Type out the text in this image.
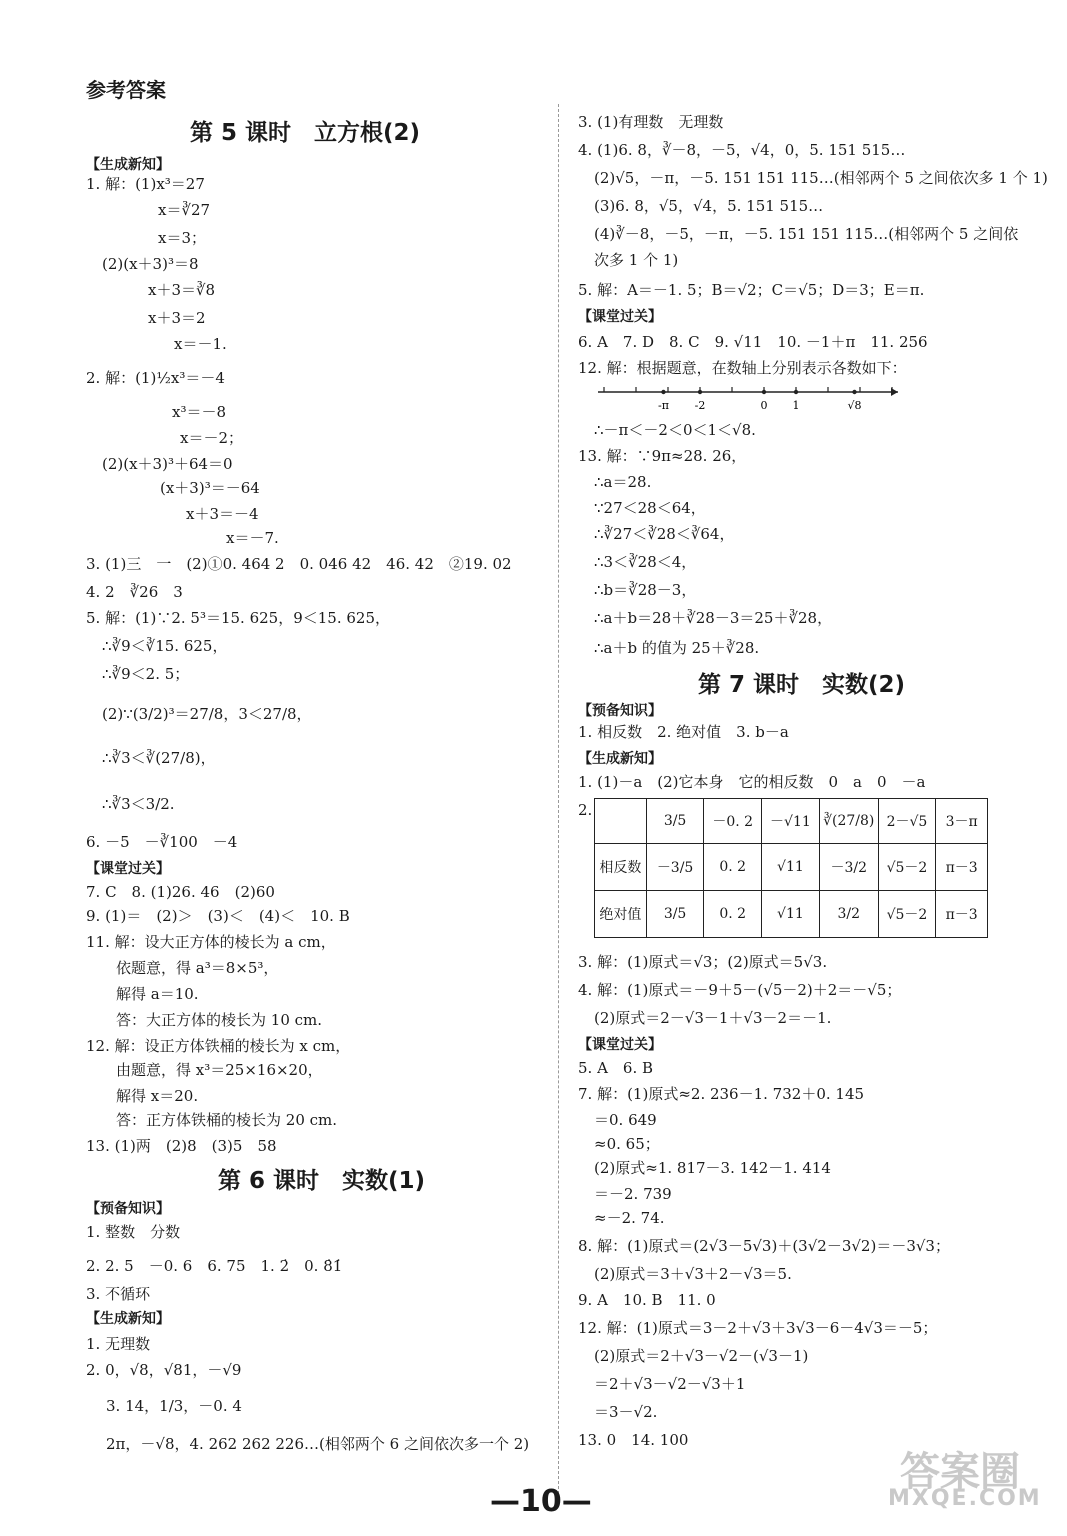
参考答案
第 5 课时　立方根(2)
【生成新知】
1. 解：(1)x³＝27
x＝∛27
x＝3；
(2)(x＋3)³＝8
x＋3＝∛8
x＋3＝2
x＝－1.
2. 解：(1)½x³＝－4
x³＝－8
x＝－2；
(2)(x＋3)³＋64＝0
(x＋3)³＝－64
x＋3＝－4
x＝－7.
3. (1)三　一　(2)①0. 464 2　0. 046 42　46. 42　②19. 02
4. 2　∛26　3
5. 解：(1)∵2. 5³＝15. 625，9＜15. 625，
∴∛9＜∛15. 625，
∴∛9＜2. 5；
(2)∵(3/2)³＝27/8，3＜27/8，
∴∛3＜∛(27/8)，
∴∛3＜3/2.
6. －5　－∛100　－4
【课堂过关】
7. C　8. (1)26. 46　(2)60
9. (1)＝　(2)＞　(3)＜　(4)＜　10. B
11. 解：设大正方体的棱长为 a cm，
依题意，得 a³＝8×5³，
解得 a＝10.
答：大正方体的棱长为 10 cm.
12. 解：设正方体铁桶的棱长为 x cm，
由题意，得 x³＝25×16×20，
解得 x＝20.
答：正方体铁桶的棱长为 20 cm.
13. (1)两　(2)8　(3)5　58
第 6 课时　实数(1)
【预备知识】
1. 整数　分数
2. 2. 5　－0. 6　6. 75　1. 2̇　0. 8̇1̇
3. 不循环
【生成新知】
1. 无理数
2. 0，√8，√81，－√9
3. 14，1/3，－0. 4
2π，－√8，4. 262 262 226…(相邻两个 6 之间依次多一个 2)
-π -2	0 1	√8
	3/5	－0. 2	－√11	∛(27/8)	2－√5	3－π
相反数	－3/5	0. 2	√11	－3/2	√5－2	π－3
绝对值	3/5	0. 2	√11	3/2	√5－2	π－3
3. (1)有理数　无理数
4. (1)6. 8，∛－8，－5，√4，0，5. 151 515…
(2)√5，－π，－5. 151 151 115…(相邻两个 5 之间依次多 1 个 1)
(3)6. 8，√5，√4，5. 151 515…
(4)∛－8，－5，－π，－5. 151 151 115…(相邻两个 5 之间依
次多 1 个 1)
5. 解：A＝－1. 5；B＝√2；C＝√5；D＝3；E＝π.
【课堂过关】
6. A　7. D　8. C　9. √11　10. －1＋π　11. 256
12. 解：根据题意，在数轴上分别表示各数如下：
∴－π＜－2＜0＜1＜√8.
13. 解：∵9π≈28. 26，
∴a＝28.
∵27＜28＜64，
∴∛27＜∛28＜∛64，
∴3＜∛28＜4，
∴b＝∛28－3，
∴a＋b＝28＋∛28－3＝25＋∛28，
∴a＋b 的值为 25＋∛28.
第 7 课时　实数(2)
【预备知识】
1. 相反数　2. 绝对值　3. b－a
【生成新知】
1. (1)－a　(2)它本身　它的相反数　0　a　0　－a
2.
3. 解：(1)原式＝√3；(2)原式＝5√3.
4. 解：(1)原式＝－9＋5－(√5－2)＋2＝－√5；
(2)原式＝2－√3－1＋√3－2＝－1.
【课堂过关】
5. A　6. B
7. 解：(1)原式≈2. 236－1. 732＋0. 145
＝0. 649
≈0. 65；
(2)原式≈1. 817－3. 142－1. 414
＝－2. 739
≈－2. 74.
8. 解：(1)原式＝(2√3－5√3)＋(3√2－3√2)＝－3√3；
(2)原式＝3＋√3＋2－√3＝5.
9. A　10. B　11. 0
12. 解：(1)原式＝3－2＋√3＋3√3－6－4√3＝－5；
(2)原式＝2＋√3－√2－(√3－1)
＝2＋√3－√2－√3＋1
＝3－√2.
13. 0　14. 100
—10—
答案圈
MXQE.COM
